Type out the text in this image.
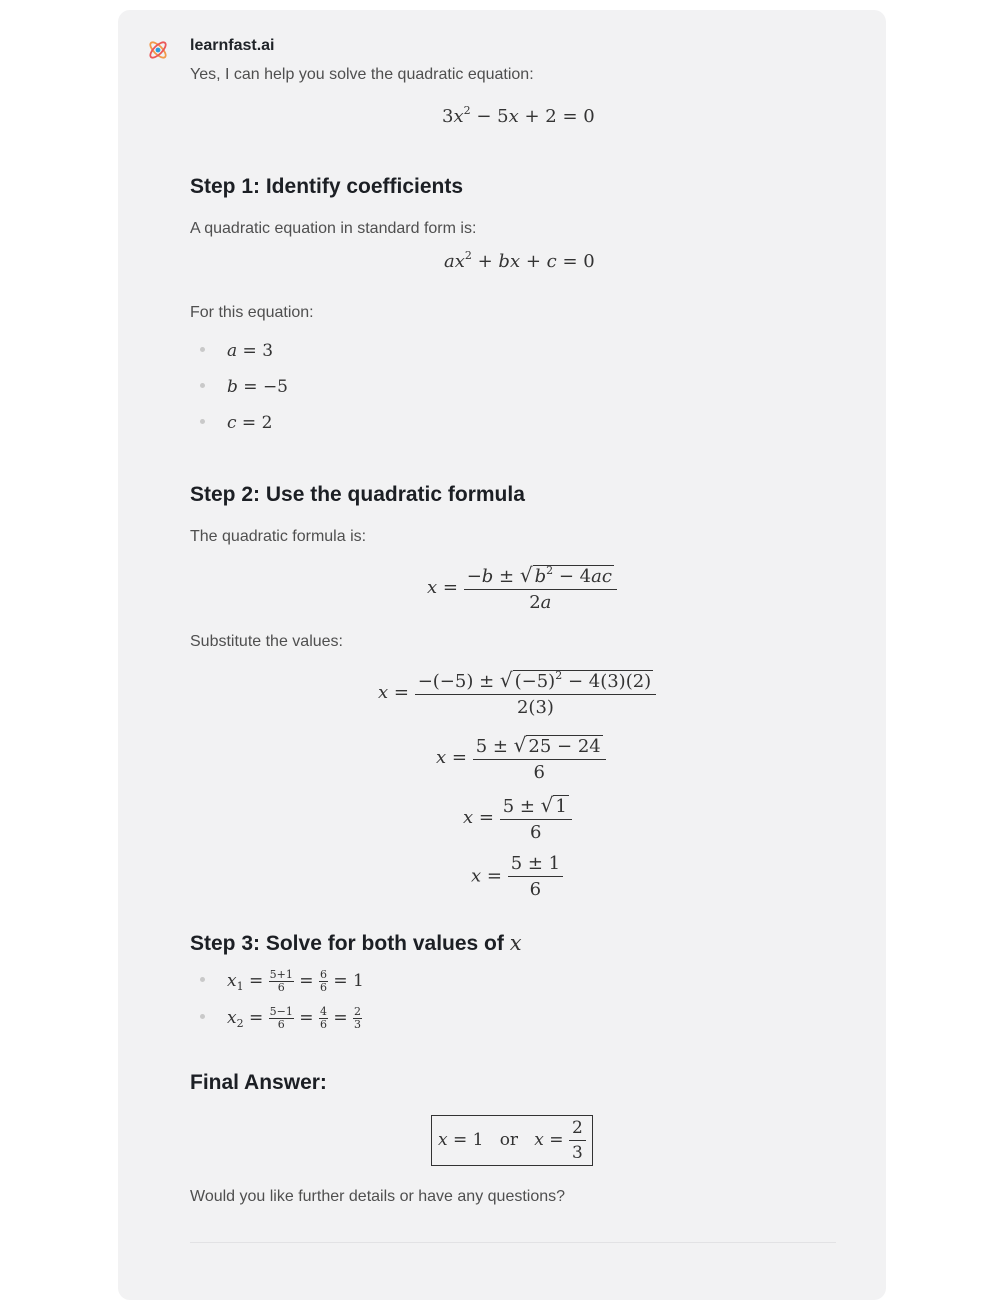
learnfast.ai
Yes, I can help you solve the quadratic equation:
$3x^2 - 5x + 2 = 0$
Step 1: Identify coefficients
A quadratic equation in standard form is:
$ax^2$ + bx + c = 0
For this equation:
a = 3
b = −5
c = 2
Step 2: Use the quadratic formula
The quadratic formula is:
$x = \frac{-b \pm √ b^2 - 4ac}{2a}$
Substitute the values:
$x = \frac{-(-5) \pm √ (-5)^2 - 4(3)(2)}{2(3)}$
$x = \frac{5 \pm √ 25 - 24}{6}$
$x = \frac{5 \pm √ 1}{6}$
$x = \frac{5 \pm 1}{6}$
Step 3: Solve for both values of x
$x_1 = \frac{5+1}{6} = \frac{6}{6} = 1$
$x_2 = \frac{5-1}{6} = \frac{4}{6} = \frac{2}{3}$
Final Answer:
x = 1   or $x = \frac{2}{3}$
Would you like further details or have any questions?
